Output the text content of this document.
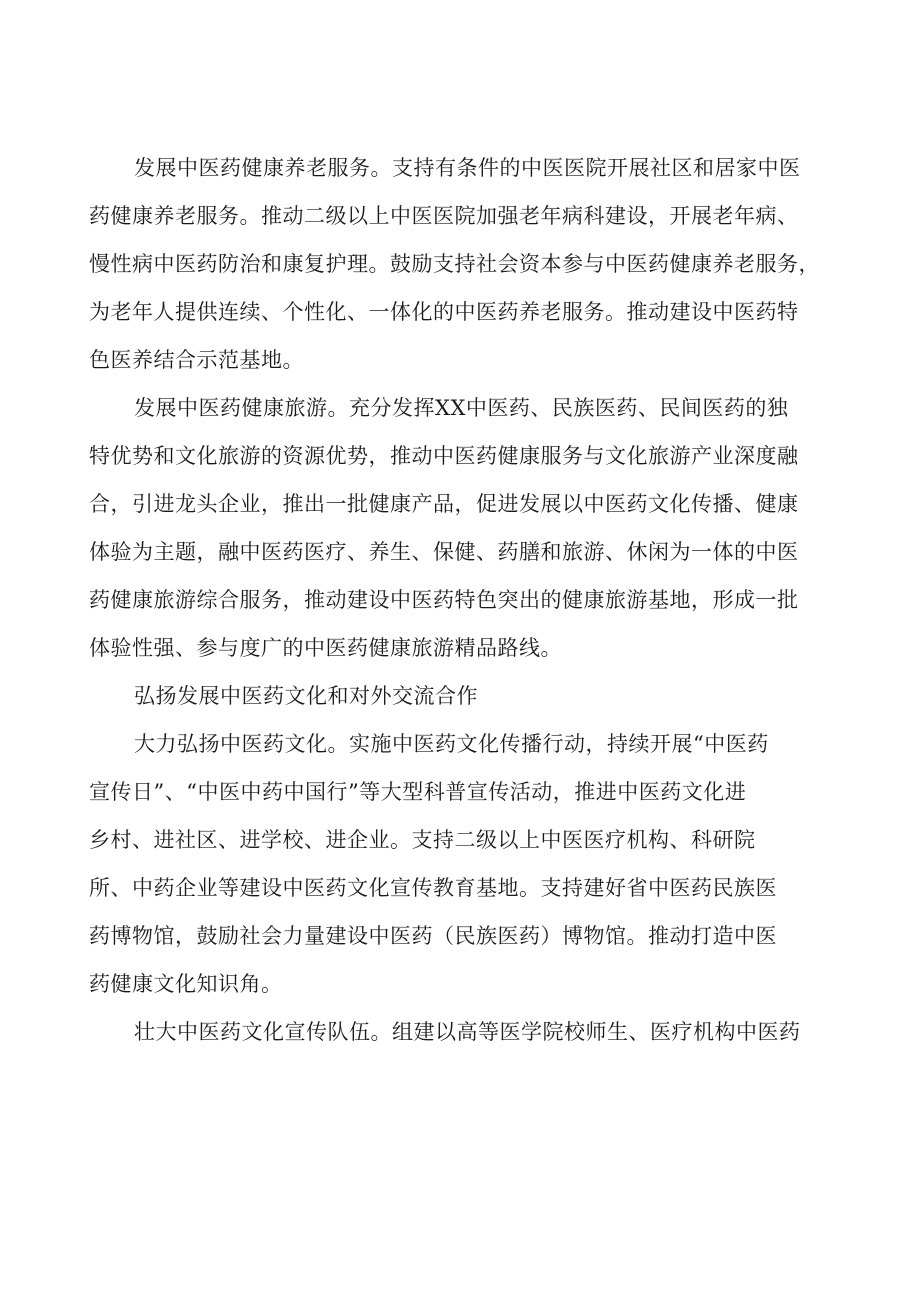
发展中医药健康养老服务。支持有条件的中医医院开展社区和居家中医
药健康养老服务。推动二级以上中医医院加强老年病科建设，开展老年病、
慢性病中医药防治和康复护理。鼓励支持社会资本参与中医药健康养老服务，
为老年人提供连续、个性化、一体化的中医药养老服务。推动建设中医药特
色医养结合示范基地。
发展中医药健康旅游。充分发挥XX中医药、民族医药、民间医药的独
特优势和文化旅游的资源优势，推动中医药健康服务与文化旅游产业深度融
合，引进龙头企业，推出一批健康产品，促进发展以中医药文化传播、健康
体验为主题，融中医药医疗、养生、保健、药膳和旅游、休闲为一体的中医
药健康旅游综合服务，推动建设中医药特色突出的健康旅游基地，形成一批
体验性强、参与度广的中医药健康旅游精品路线。
弘扬发展中医药文化和对外交流合作
大力弘扬中医药文化。实施中医药文化传播行动，持续开展“中医药
宣传日”、“中医中药中国行”等大型科普宣传活动，推进中医药文化进
乡村、进社区、进学校、进企业。支持二级以上中医医疗机构、科研院
所、中药企业等建设中医药文化宣传教育基地。支持建好省中医药民族医
药博物馆，鼓励社会力量建设中医药（民族医药）博物馆。推动打造中医
药健康文化知识角。
壮大中医药文化宣传队伍。组建以高等医学院校师生、医疗机构中医药
